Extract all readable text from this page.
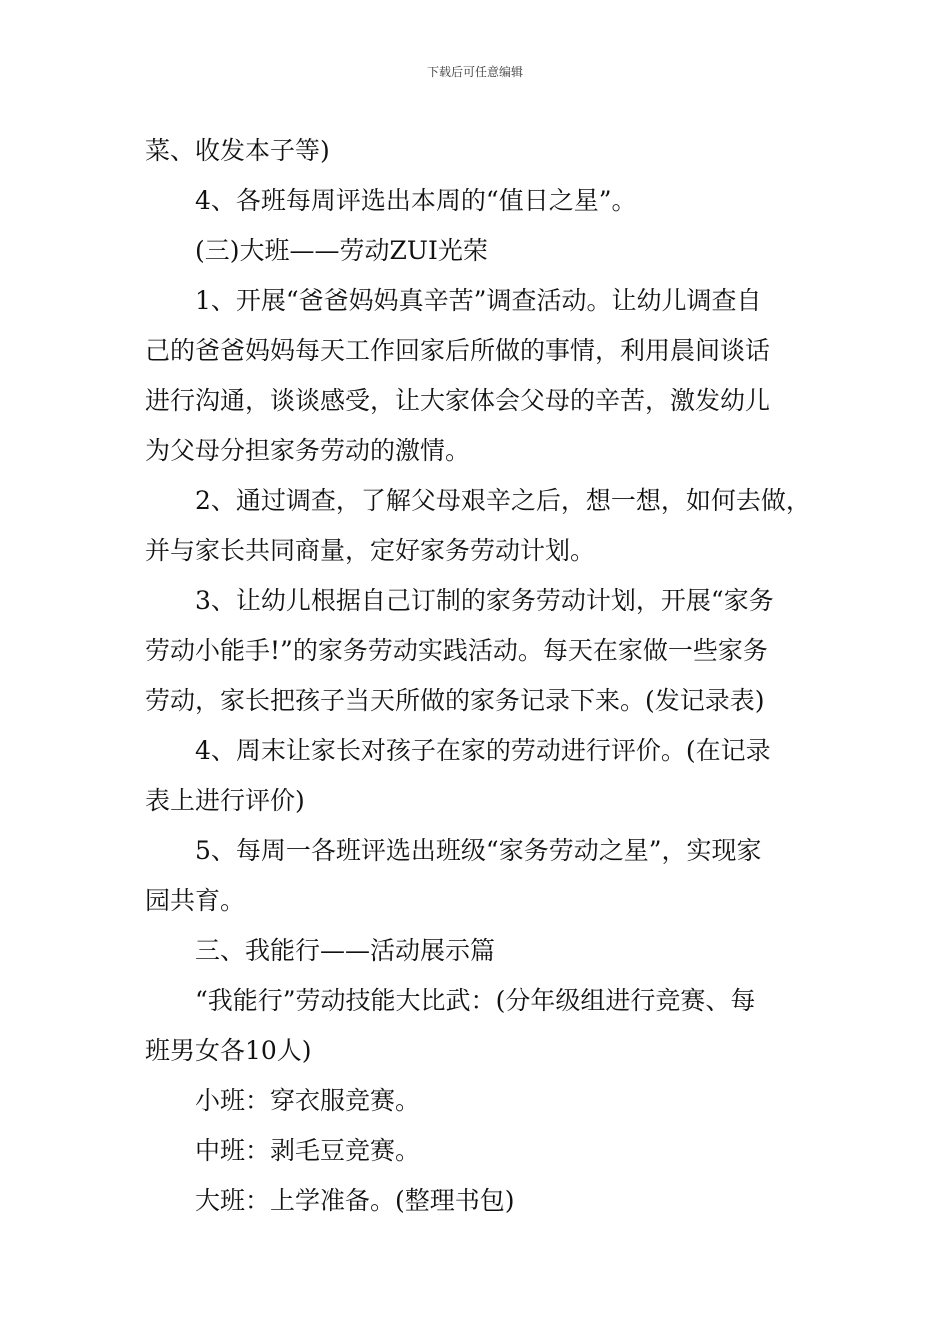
下载后可任意编辑
菜、收发本子等)
4、各班每周评选出本周的“值日之星”。
(三)大班——劳动ZUI光荣
1、开展“爸爸妈妈真辛苦”调查活动。让幼儿调查自
己的爸爸妈妈每天工作回家后所做的事情，利用晨间谈话
进行沟通，谈谈感受，让大家体会父母的辛苦，激发幼儿
为父母分担家务劳动的激情。
2、通过调查，了解父母艰辛之后，想一想，如何去做，
并与家长共同商量，定好家务劳动计划。
3、让幼儿根据自己订制的家务劳动计划，开展“家务
劳动小能手!”的家务劳动实践活动。每天在家做一些家务
劳动，家长把孩子当天所做的家务记录下来。(发记录表)
4、周末让家长对孩子在家的劳动进行评价。(在记录
表上进行评价)
5、每周一各班评选出班级“家务劳动之星”，实现家
园共育。
三、我能行——活动展示篇
“我能行”劳动技能大比武：(分年级组进行竞赛、每
班男女各10人)
小班：穿衣服竞赛。
中班：剥毛豆竞赛。
大班：上学准备。(整理书包)
